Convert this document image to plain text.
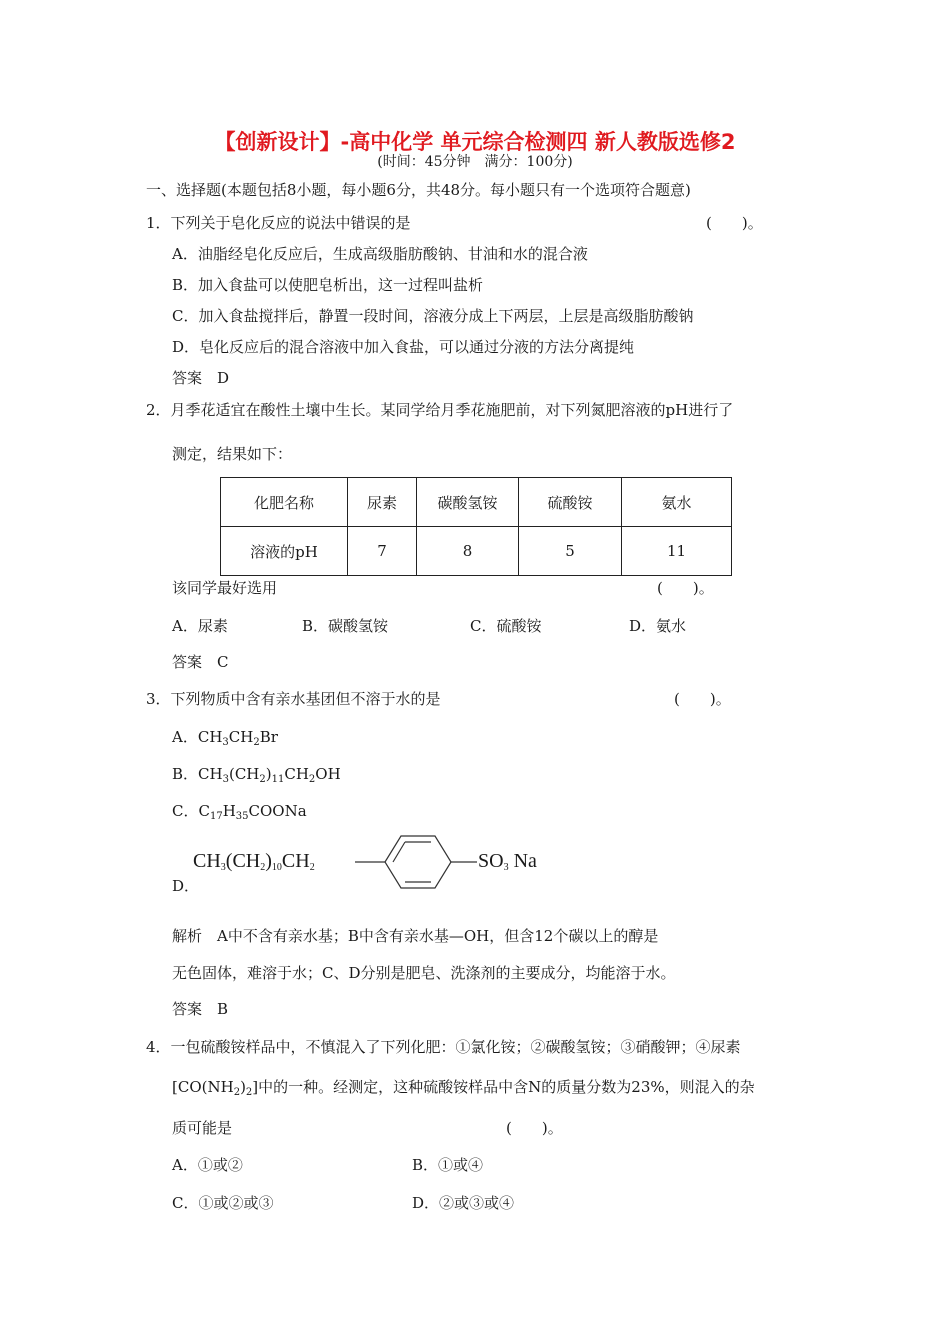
【创新设计】-高中化学 单元综合检测四 新人教版选修2
(时间：45分钟　满分：100分)
一、选择题(本题包括8小题，每小题6分，共48分。每小题只有一个选项符合题意)
1．下列关于皂化反应的说法中错误的是	(　　)。
A．油脂经皂化反应后，生成高级脂肪酸钠、甘油和水的混合液
B．加入食盐可以使肥皂析出，这一过程叫盐析
C．加入食盐搅拌后，静置一段时间，溶液分成上下两层，上层是高级脂肪酸钠
D．皂化反应后的混合溶液中加入食盐，可以通过分液的方法分离提纯
答案　D
2．月季花适宜在酸性土壤中生长。某同学给月季花施肥前，对下列氮肥溶液的pH进行了
测定，结果如下：
化肥名称	尿素	碳酸氢铵	硫酸铵	氨水
溶液的pH	7	8	5	11
该同学最好选用	(　　)。
A．尿素	B．碳酸氢铵	C．硫酸铵	D．氨水
答案　C
3．下列物质中含有亲水基团但不溶于水的是	(　　)。
A．$CH_3CH_2Br$
B．$CH_3(CH_2)_{11}CH_2OH$
C．$C_{17}H_{35}COONa$
$CH_3(CH_2)_{10}CH_2$	$SO_3$ Na
D．
解析　A中不含有亲水基；B中含有亲水基—OH，但含12个碳以上的醇是
无色固体，难溶于水；C、D分别是肥皂、洗涤剂的主要成分，均能溶于水。
答案　B
4．一包硫酸铵样品中，不慎混入了下列化肥：①氯化铵；②碳酸氢铵；③硝酸钾；④尿素
$[CO(NH_2)_2]$中的一种。经测定，这种硫酸铵样品中含N的质量分数为23%，则混入的杂
质可能是	(　　)。
A．①或②	B．①或④
C．①或②或③	D．②或③或④
